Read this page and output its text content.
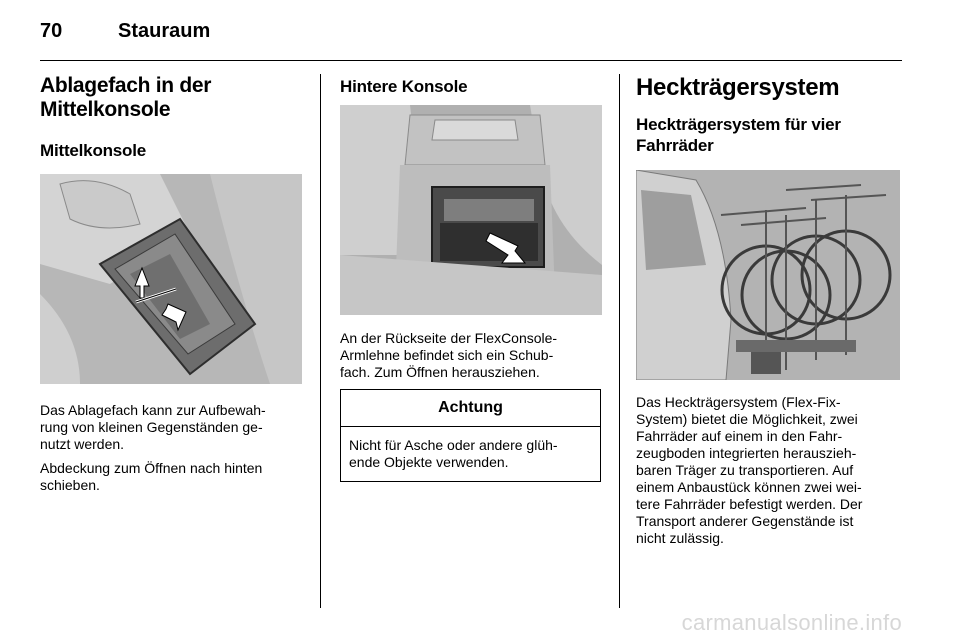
70	Stauraum
Ablagefach in der
Mittelkonsole
Mittelkonsole

Das Ablagefach kann zur Aufbewah-
rung von kleinen Gegenständen ge-
nutzt werden.

Abdeckung zum Öffnen nach hinten
schieben.

Hintere Konsole

An der Rückseite der FlexConsole-
Armlehne befindet sich ein Schub-
fach. Zum Öffnen herausziehen.

Achtung
Nicht für Asche oder andere glüh-
ende Objekte verwenden.
Heckträgersystem
Heckträgersystem für vier
Fahrräder

Das Heckträgersystem (Flex-Fix-
System) bietet die Möglichkeit, zwei
Fahrräder auf einem in den Fahr-
zeugboden integrierten herauszieh-
baren Träger zu transportieren. Auf
einem Anbaustück können zwei wei-
tere Fahrräder befestigt werden. Der
Transport anderer Gegenstände ist
nicht zulässig.

carmanualsonline.info
